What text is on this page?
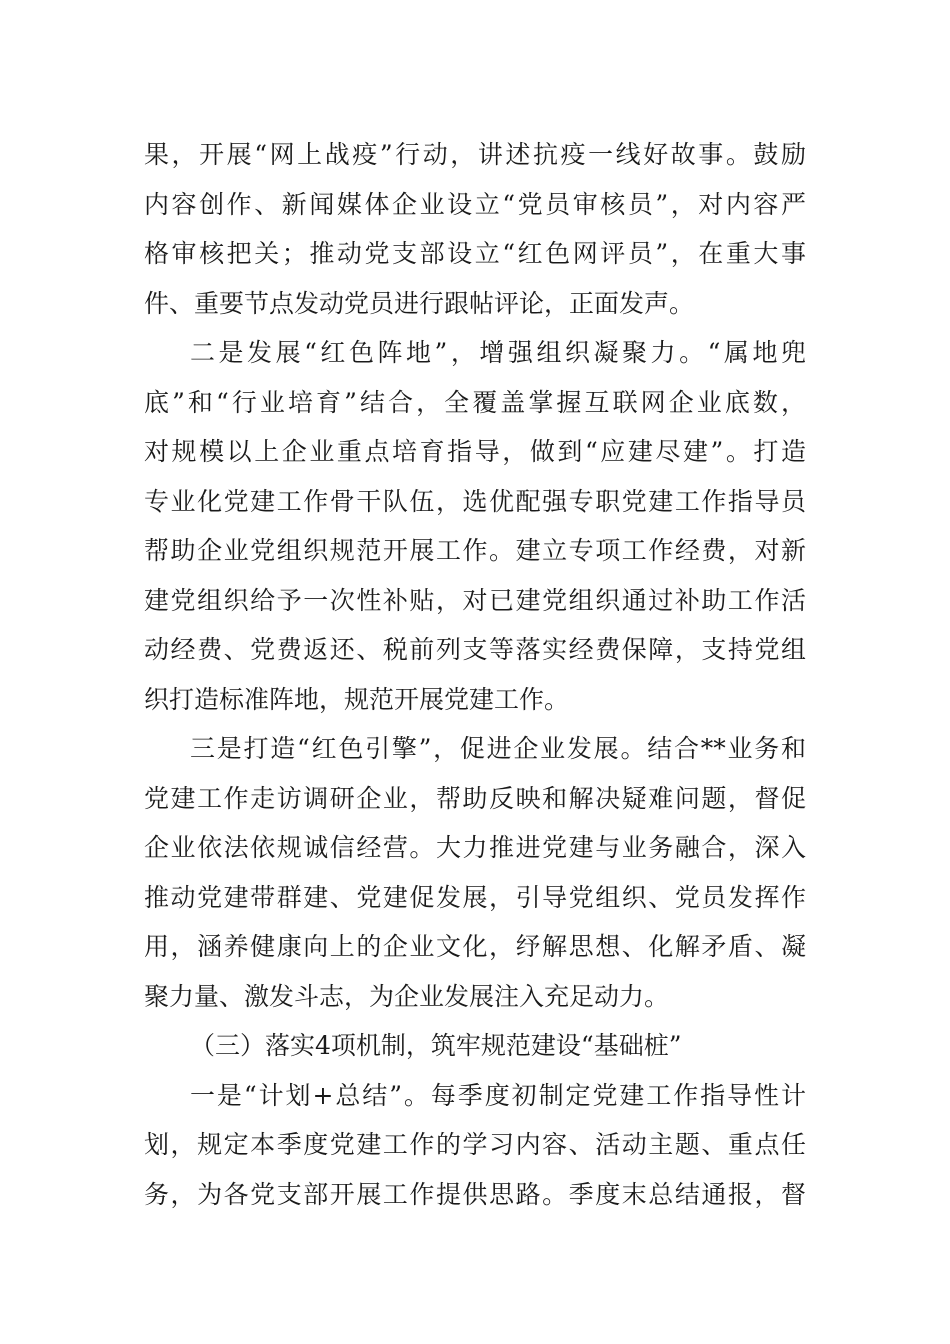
果，开展“网上战疫”行动，讲述抗疫一线好故事。鼓励
内容创作、新闻媒体企业设立“党员审核员”，对内容严
格审核把关；推动党支部设立“红色网评员”，在重大事
件、重要节点发动党员进行跟帖评论，正面发声。
二是发展“红色阵地”，增强组织凝聚力。“属地兜
底”和“行业培育”结合，全覆盖掌握互联网企业底数，
对规模以上企业重点培育指导，做到“应建尽建”。打造
专业化党建工作骨干队伍，选优配强专职党建工作指导员
帮助企业党组织规范开展工作。建立专项工作经费，对新
建党组织给予一次性补贴，对已建党组织通过补助工作活
动经费、党费返还、税前列支等落实经费保障，支持党组
织打造标准阵地，规范开展党建工作。
三是打造“红色引擎”，促进企业发展。结合**业务和
党建工作走访调研企业，帮助反映和解决疑难问题，督促
企业依法依规诚信经营。大力推进党建与业务融合，深入
推动党建带群建、党建促发展，引导党组织、党员发挥作
用，涵养健康向上的企业文化，纾解思想、化解矛盾、凝
聚力量、激发斗志，为企业发展注入充足动力。
（三）落实4项机制，筑牢规范建设“基础桩”
一是“计划+总结”。每季度初制定党建工作指导性计
划，规定本季度党建工作的学习内容、活动主题、重点任
务，为各党支部开展工作提供思路。季度末总结通报，督
